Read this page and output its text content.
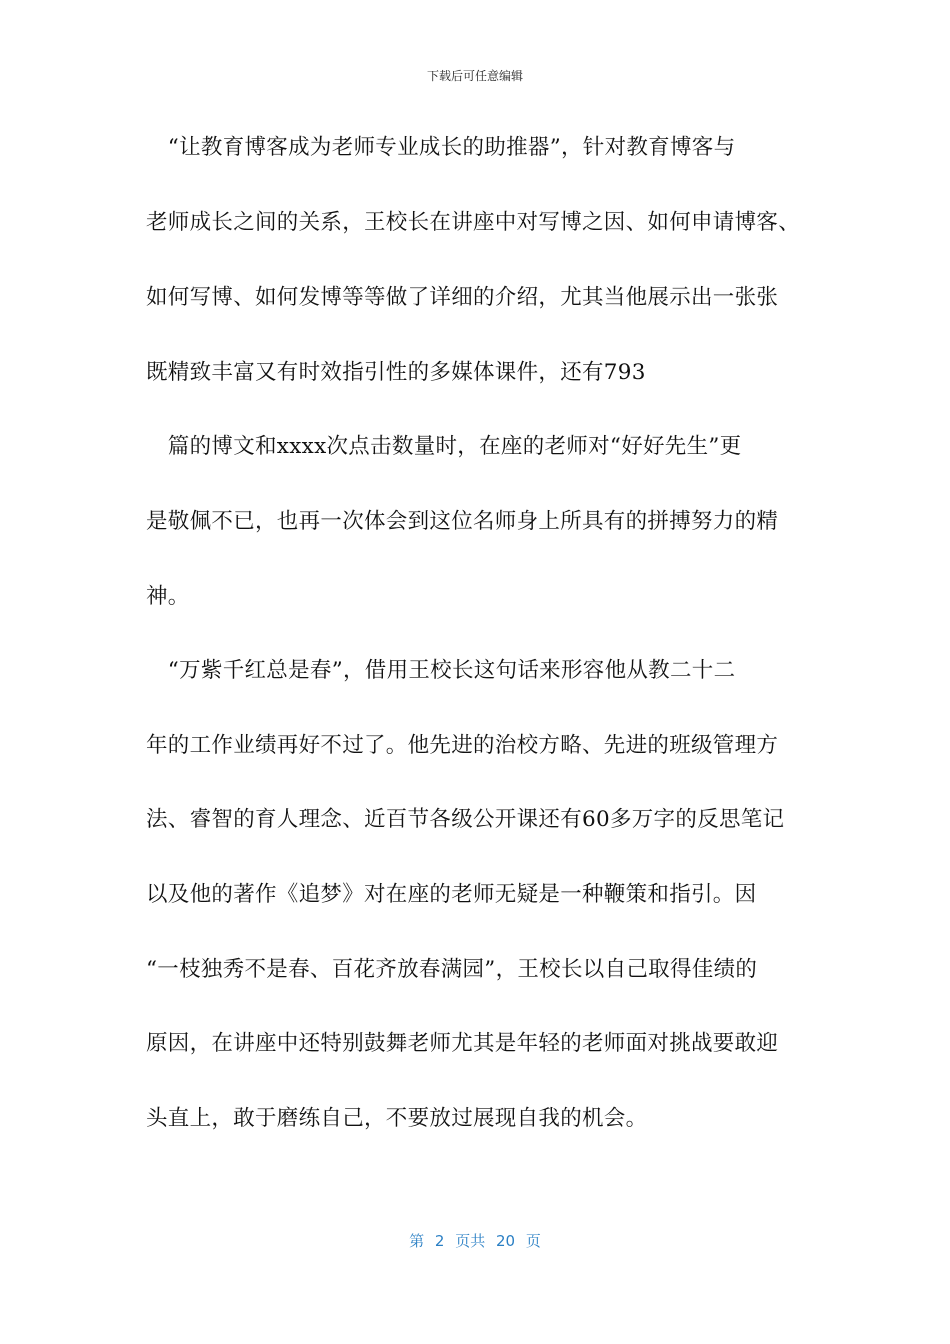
下载后可任意编辑
　“让教育博客成为老师专业成长的助推器”，针对教育博客与
老师成长之间的关系，王校长在讲座中对写博之因、如何申请博客、
如何写博、如何发博等等做了详细的介绍，尤其当他展示出一张张
既精致丰富又有时效指引性的多媒体课件，还有793
　篇的博文和xxxx次点击数量时，在座的老师对“好好先生”更
是敬佩不已，也再一次体会到这位名师身上所具有的拼搏努力的精
神。
　“万紫千红总是春”，借用王校长这句话来形容他从教二十二
年的工作业绩再好不过了。他先进的治校方略、先进的班级管理方
法、睿智的育人理念、近百节各级公开课还有60多万字的反思笔记
以及他的著作《追梦》对在座的老师无疑是一种鞭策和指引。因
“一枝独秀不是春、百花齐放春满园”，王校长以自己取得佳绩的
原因，在讲座中还特别鼓舞老师尤其是年轻的老师面对挑战要敢迎
头直上，敢于磨练自己，不要放过展现自我的机会。
第 2 页共 20 页
